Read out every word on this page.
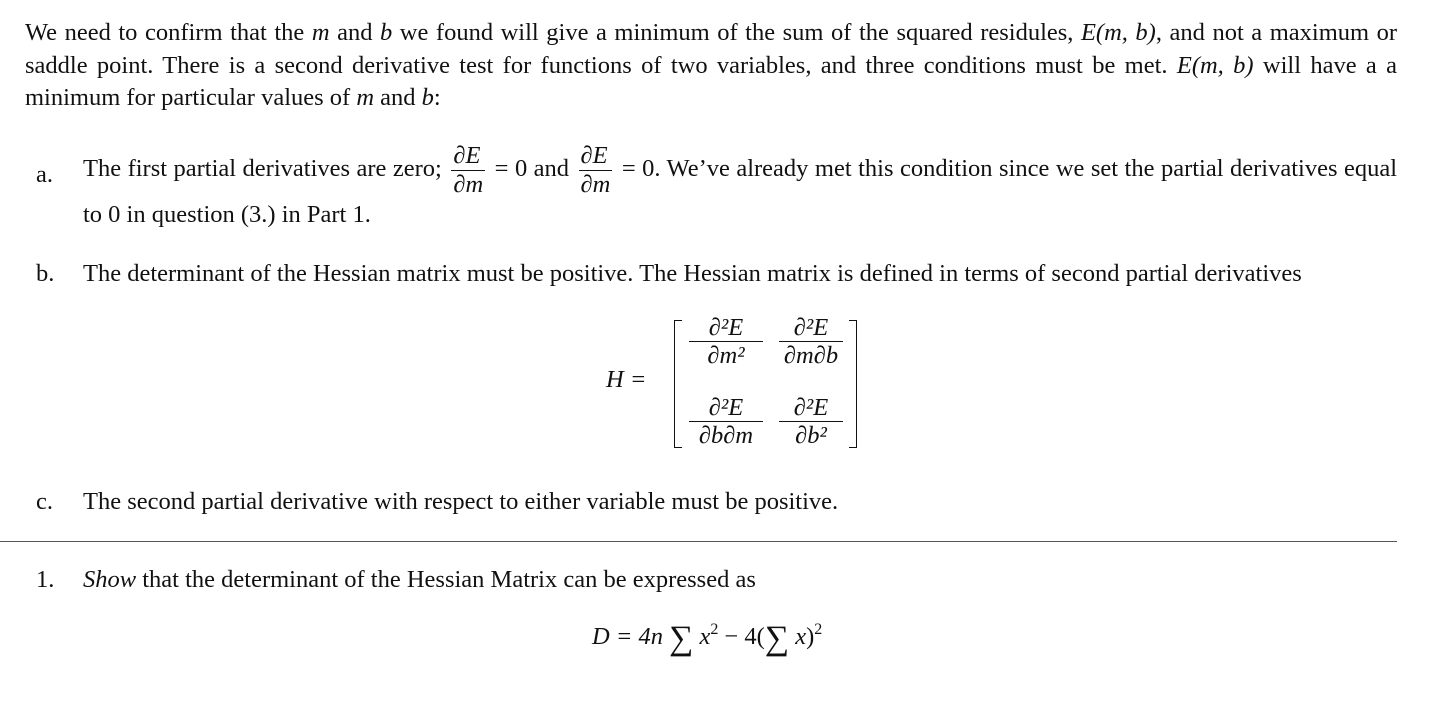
We need to confirm that the m and b we found will give a minimum of the sum of the squared residules, E(m, b), and not a maximum or saddle point. There is a second derivative test for functions of two variables, and three conditions must be met. E(m, b) will have a a minimum for particular values of m and b:
a.	The first partial derivatives are zero; $\frac{\partial E}{\partial m} = 0$ and $\frac{\partial E}{\partial m} = 0$. We’ve already met this condition since we set the partial derivatives equal to 0 in question (3.) in Part 1.
b.	The determinant of the Hessian matrix must be positive. The Hessian matrix is defined in terms of second partial derivatives
H =
$\frac{\text{∂²E}}{\text{∂m²}} \frac{\text{∂²E}}{\partial m\partial b}$
$\frac{\text{∂²E}}{\partial b\partial m} \frac{\text{∂²E}}{\text{∂b²}}$
c.	The second partial derivative with respect to either variable must be positive.
1.	Show that the determinant of the Hessian Matrix can be expressed as
D = 4n ∑ $x^2 - 4(\sum$ x)$^2$
